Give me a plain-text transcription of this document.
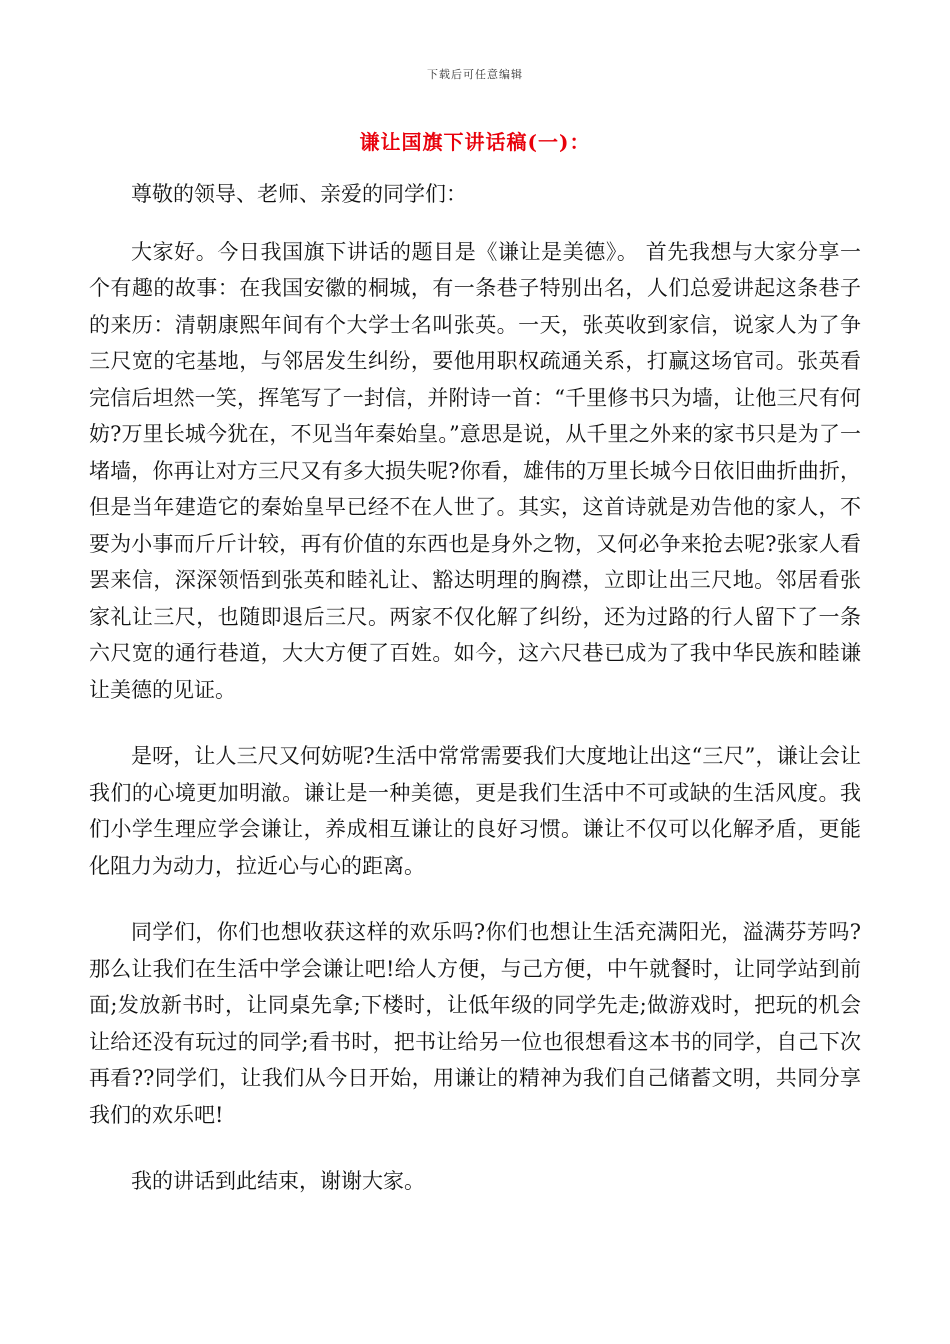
下载后可任意编辑
谦让国旗下讲话稿(一)：

尊敬的领导、老师、亲爱的同学们：

大家好。今日我国旗下讲话的题目是《谦让是美德》。 首先我想与大家分享一个有趣的故事：在我国安徽的桐城，有一条巷子特别出名，人们总爱讲起这条巷子的来历：清朝康熙年间有个大学士名叫张英。一天，张英收到家信，说家人为了争三尺宽的宅基地，与邻居发生纠纷，要他用职权疏通关系，打赢这场官司。张英看完信后坦然一笑，挥笔写了一封信，并附诗一首：“千里修书只为墙，让他三尺有何妨?万里长城今犹在，不见当年秦始皇。”意思是说，从千里之外来的家书只是为了一堵墙，你再让对方三尺又有多大损失呢?你看，雄伟的万里长城今日依旧曲折曲折，但是当年建造它的秦始皇早已经不在人世了。其实，这首诗就是劝告他的家人，不要为小事而斤斤计较，再有价值的东西也是身外之物，又何必争来抢去呢?张家人看罢来信，深深领悟到张英和睦礼让、豁达明理的胸襟，立即让出三尺地。邻居看张家礼让三尺，也随即退后三尺。两家不仅化解了纠纷，还为过路的行人留下了一条六尺宽的通行巷道，大大方便了百姓。如今，这六尺巷已成为了我中华民族和睦谦让美德的见证。

是呀，让人三尺又何妨呢?生活中常常需要我们大度地让出这“三尺”，谦让会让我们的心境更加明澈。谦让是一种美德，更是我们生活中不可或缺的生活风度。我们小学生理应学会谦让，养成相互谦让的良好习惯。谦让不仅可以化解矛盾，更能化阻力为动力，拉近心与心的距离。

同学们，你们也想收获这样的欢乐吗?你们也想让生活充满阳光，溢满芬芳吗?那么让我们在生活中学会谦让吧!给人方便，与己方便，中午就餐时，让同学站到前面;发放新书时，让同桌先拿;下楼时，让低年级的同学先走;做游戏时，把玩的机会让给还没有玩过的同学;看书时，把书让给另一位也很想看这本书的同学，自己下次再看??同学们，让我们从今日开始，用谦让的精神为我们自己储蓄文明，共同分享我们的欢乐吧!

我的讲话到此结束，谢谢大家。
